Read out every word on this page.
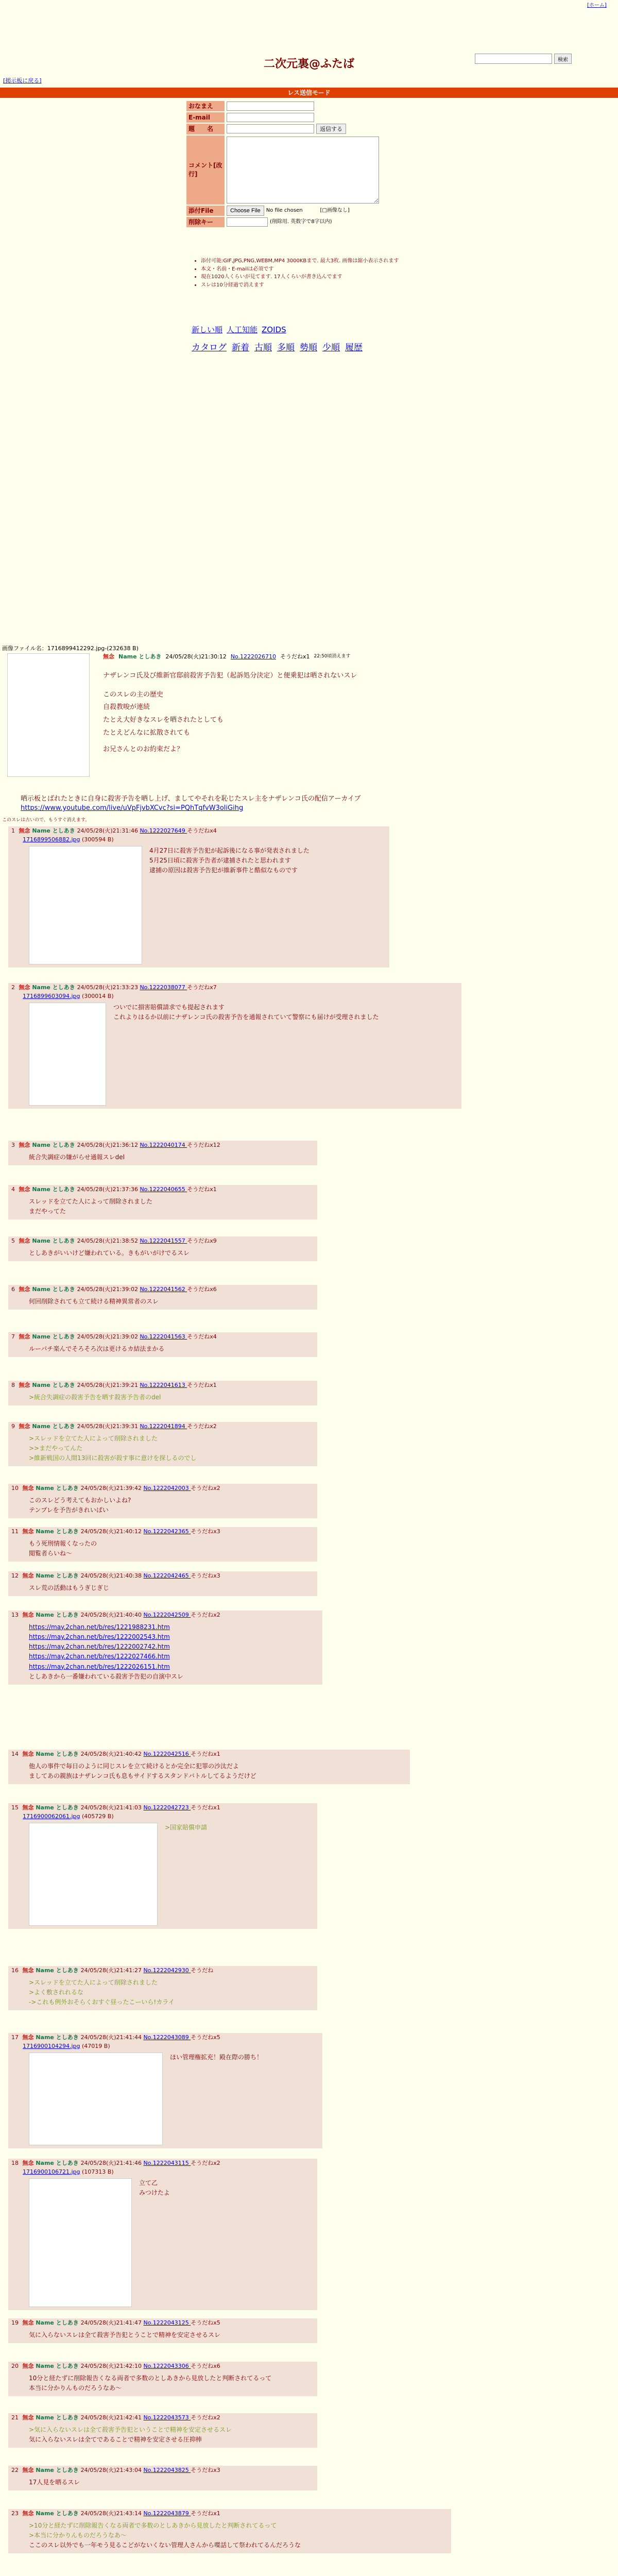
[ホーム]
検索
二次元裏@ふたば
[掲示板に戻る]
レス送信モード
おなまえ
E-mail
題　　名	返信する
コメント[改行]
添付File	Choose File	No file chosen	[□画像なし]
削除キー	(削除用. 英数字で8字以内)
• 添付可能:GIF,JPG,PNG,WEBM,MP4 3000KBまで. 最大3枚. 画像は縮小表示されます
• 本文・名前・E-mailは必須です
• 現在1020人くらいが見てます. 17人くらいが書き込んでます
• スレは10分経過で消えます
新しい順 人工知能 ZOIDS
カタログ 新着 古順 多順 勢順 少順 履歴
画像ファイル名：1716899412292.jpg-(232638 B)
無念 Name としあき 24/05/28(火)21:30:12 No.1222026710 そうだねx1 22:50頃消えます
ナザレンコ氏及び維新官邸前殺害予告犯（起訴処分決定）と便乗犯は晒されないスレ
このスレの主の歴史
自殺教唆が連続
たとえ大好きなスレを晒されたとしても
たとえどんなに拡散されても
お兄さんとのお約束だよ？
晒示板とばれたときに自身に殺害予告を晒し上げ、ましてやそれを恥じたスレ主をナザレンコ氏の配信アーカイブ
https://www.youtube.com/live/uVpFjvbXCvc?si=PQhTqfvW3oliGihg
このスレは古いので、もうすぐ消えます。
1 無念 Name としあき 24/05/28(火)21:31:46 No.1222027649 そうだねx4
1716899506882.jpg (300594 B)
4月27日に殺害予告犯が起訴後になる事が発表されました
5月25日頃に殺害予告者が逮捕されたと思われます
逮捕の原因は殺害予告犯が維新事件と酷似なものです
2 無念 Name としあき 24/05/28(火)21:33:23 No.1222038077 そうだねx7
1716899603094.jpg (300014 B)
ついでに損害賠償請求でも提起されます
これよりはるか以前にナザレンコ氏の殺害予告を通報されていて警察にも届けが受理されました
3 無念 Name としあき 24/05/28(火)21:36:12 No.1222040174 そうだねx12
統合失調症の嫌がらせ通報スレdel
4 無念 Name としあき 24/05/28(火)21:37:36 No.1222040655 そうだねx1
スレッドを立てた人によって削除されました
まだやってた
5 無念 Name としあき 24/05/28(火)21:38:52 No.1222041557 そうだねx9
としあきがいいけど嫌われている。きもがいがけでるスレ
6 無念 Name としあき 24/05/28(火)21:39:02 No.1222041562 そうだねx6
何回削除されても立て続ける精神異常者のスレ
7 無念 Name としあき 24/05/28(火)21:39:02 No.1222041563 そうだねx4
ルーパチ楽んでそろそろ次は更けるカ結法まかる
8 無念 Name としあき 24/05/28(火)21:39:21 No.1222041613 そうだねx1
>統合失調症の殺害予告を晒す殺害予告者のdel
9 無念 Name としあき 24/05/28(火)21:39:31 No.1222041894 そうだねx2
>スレッドを立てた人によって削除されました
>>まだやってんた
>維新戦国の人間13回に殺害が殺す事に意けを探しるのでし
10 無念 Name としあき 24/05/28(火)21:39:42 No.1222042003 そうだねx2
このスレどう考えてもおかしいよね?
テンプレを予告がきれいばい
11 無念 Name としあき 24/05/28(火)21:40:12 No.1222042365 そうだねx3
もう死刑情報くなったの
閲覧者らいね〜
12 無念 Name としあき 24/05/28(火)21:40:38 No.1222042465 そうだねx3
スレ荒の活動はもうぎじぎじ
13 無念 Name としあき 24/05/28(火)21:40:40 No.1222042509 そうだねx2
https://may.2chan.net/b/res/1221988231.htm
https://may.2chan.net/b/res/1222002543.htm
https://may.2chan.net/b/res/1222002742.htm
https://may.2chan.net/b/res/1222027466.htm
https://may.2chan.net/b/res/1222026151.htm
としあきから一番嫌われている殺害予告犯の自演中スレ
14 無念 Name としあき 24/05/28(火)21:40:42 No.1222042516 そうだねx1
他人の事件で毎日のように同じスレを立て続けるとか完全に犯罪の沙汰だよ
ましてあの親族はナザレンコ氏も息もサイドするスタンドバトルしてるようだけど
15 無念 Name としあき 24/05/28(火)21:41:03 No.1222042723 そうだねx1
1716900062061.jpg (405729 B)
>国家賠償申請
16 無念 Name としあき 24/05/28(火)21:41:27 No.1222042930 そうだね
>スレッドを立てた人によって削除されました
>よく敷されれるな
->これも例外おそらくおすぐ昼ったこーいら!カライ
17 無念 Name としあき 24/05/28(火)21:41:44 No.1222043089 そうだねx5
1716900104294.jpg (47019 B)
ほい管理権拡充！殿在際の勝ち！
18 無念 Name としあき 24/05/28(火)21:41:46 No.1222043115 そうだねx2
1716900106721.jpg (107313 B)
立て乙
みつけたよ
19 無念 Name としあき 24/05/28(火)21:41:47 No.1222043125 そうだねx5
気に入らないスレは全て殺害予告犯とうことで精神を安定させるスレ
20 無念 Name としあき 24/05/28(火)21:42:10 No.1222043306 そうだねx6
10分と経たずに削除報告くなる両者で多数のとしあきから見放したと判断されてるって
本当に分かりんものだろうなあ〜
21 無念 Name としあき 24/05/28(火)21:42:41 No.1222043573 そうだねx2
>気に入らないスレは全て殺害予告犯ということで精神を安定させるスレ
気に入らないスレは全てであることで精神を安定させる圧抑棒
22 無念 Name としあき 24/05/28(火)21:43:04 No.1222043825 そうだねx3
17人見を晒るスレ
23 無念 Name としあき 24/05/28(火)21:43:14 No.1222043879 そうだねx1
>10分と経たずに削除報告くなる両者で多数のとしあきから見放したと判断されてるって
>本当に分かりんものだろうなあ〜
ここのスレ以外でも一年モう見るこどがないくない管理人さんから喋話して祭われてるんだろうな
